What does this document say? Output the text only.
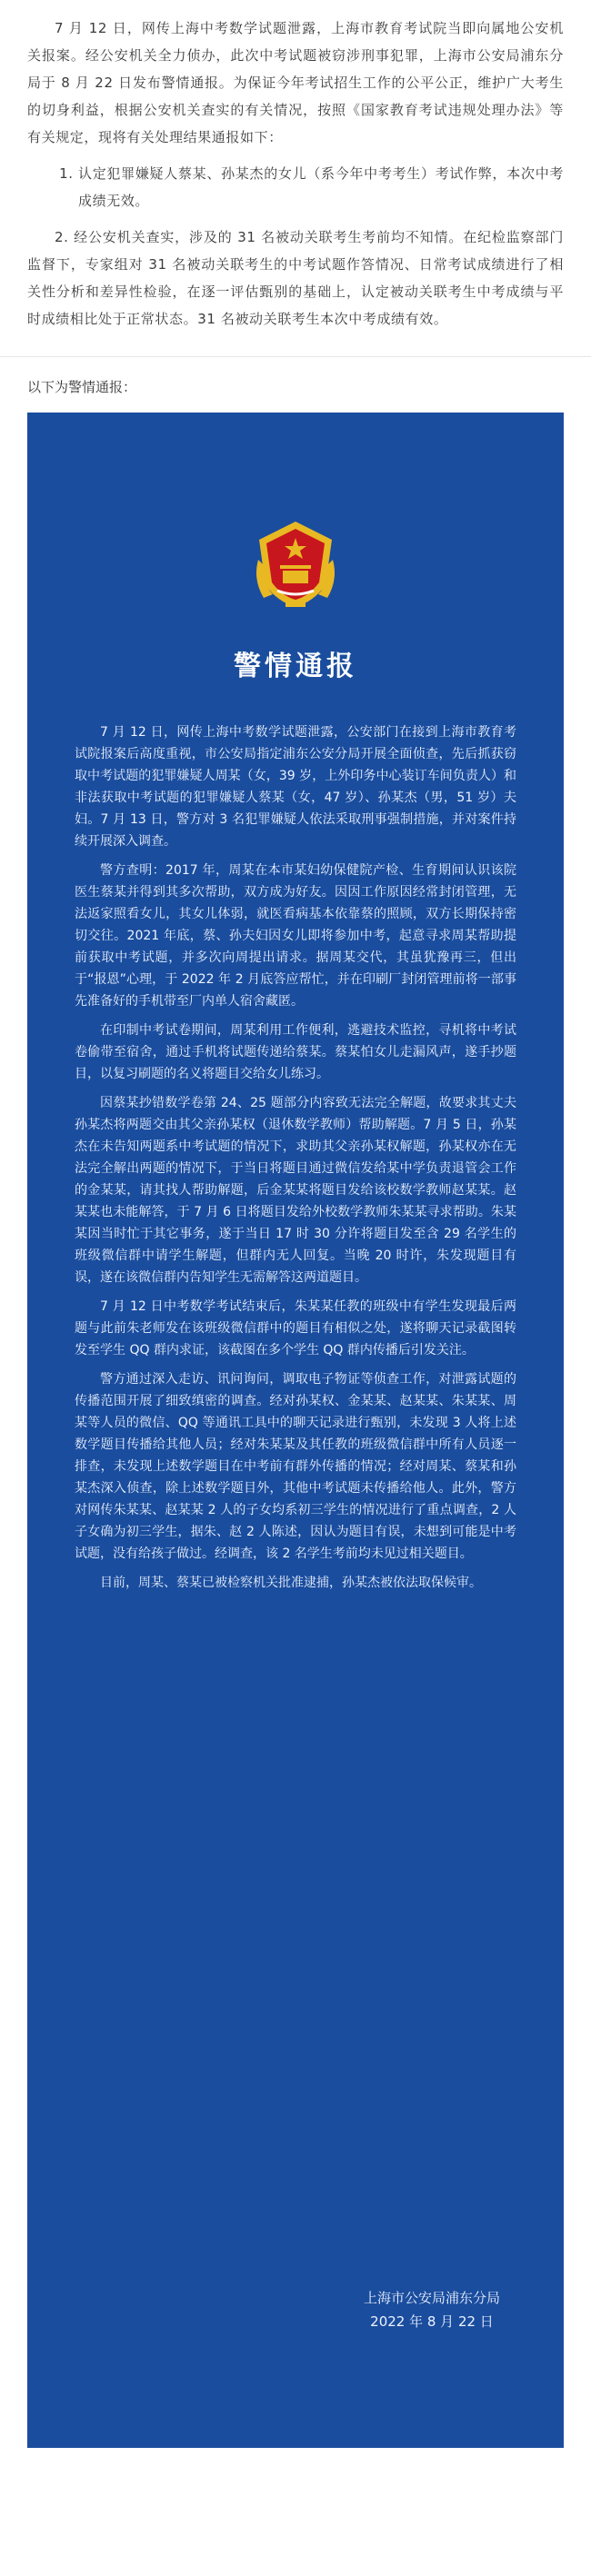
7 月 12 日，网传上海中考数学试题泄露，上海市教育考试院当即向属地公安机关报案。经公安机关全力侦办，此次中考试题被窃涉刑事犯罪，上海市公安局浦东分局于 8 月 22 日发布警情通报。为保证今年考试招生工作的公平公正，维护广大考生的切身利益，根据公安机关查实的有关情况，按照《国家教育考试违规处理办法》等有关规定，现将有关处理结果通报如下：

1. 认定犯罪嫌疑人蔡某、孙某杰的女儿（系今年中考考生）考试作弊，本次中考成绩无效。

2. 经公安机关查实，涉及的 31 名被动关联考生考前均不知情。在纪检监察部门监督下，专家组对 31 名被动关联考生的中考试题作答情况、日常考试成绩进行了相关性分析和差异性检验，在逐一评估甄别的基础上，认定被动关联考生中考成绩与平时成绩相比处于正常状态。31 名被动关联考生本次中考成绩有效。

以下为警情通报：
警情通报

7 月 12 日，网传上海中考数学试题泄露，公安部门在接到上海市教育考试院报案后高度重视，市公安局指定浦东公安分局开展全面侦查，先后抓获窃取中考试题的犯罪嫌疑人周某（女，39 岁，上外印务中心装订车间负责人）和非法获取中考试题的犯罪嫌疑人蔡某（女，47 岁）、孙某杰（男，51 岁）夫妇。7 月 13 日，警方对 3 名犯罪嫌疑人依法采取刑事强制措施，并对案件持续开展深入调查。

警方查明：2017 年，周某在本市某妇幼保健院产检、生育期间认识该院医生蔡某并得到其多次帮助，双方成为好友。因因工作原因经常封闭管理，无法返家照看女儿，其女儿体弱，就医看病基本依靠蔡的照顾，双方长期保持密切交往。2021 年底，蔡、孙夫妇因女儿即将参加中考，起意寻求周某帮助提前获取中考试题，并多次向周提出请求。据周某交代，其虽犹豫再三，但出于“报恩”心理，于 2022 年 2 月底答应帮忙，并在印刷厂封闭管理前将一部事先准备好的手机带至厂内单人宿舍藏匿。

在印制中考试卷期间，周某利用工作便利，逃避技术监控，寻机将中考试卷偷带至宿舍，通过手机将试题传递给蔡某。蔡某怕女儿走漏风声，遂手抄题目，以复习刷题的名义将题目交给女儿练习。

因蔡某抄错数学卷第 24、25 题部分内容致无法完全解题，故要求其丈夫孙某杰将两题交由其父亲孙某权（退休数学教师）帮助解题。7 月 5 日，孙某杰在未告知两题系中考试题的情况下，求助其父亲孙某权解题，孙某权亦在无法完全解出两题的情况下，于当日将题目通过微信发给某中学负责退管会工作的金某某，请其找人帮助解题，后金某某将题目发给该校数学教师赵某某。赵某某也未能解答，于 7 月 6 日将题目发给外校数学教师朱某某寻求帮助。朱某某因当时忙于其它事务，遂于当日 17 时 30 分许将题目发至含 29 名学生的班级微信群中请学生解题，但群内无人回复。当晚 20 时许，朱发现题目有误，遂在该微信群内告知学生无需解答这两道题目。

7 月 12 日中考数学考试结束后，朱某某任教的班级中有学生发现最后两题与此前朱老师发在该班级微信群中的题目有相似之处，遂将聊天记录截图转发至学生 QQ 群内求证，该截图在多个学生 QQ 群内传播后引发关注。

警方通过深入走访、讯问询问，调取电子物证等侦查工作，对泄露试题的传播范围开展了细致缜密的调查。经对孙某权、金某某、赵某某、朱某某、周某等人员的微信、QQ 等通讯工具中的聊天记录进行甄别，未发现 3 人将上述数学题目传播给其他人员；经对朱某某及其任教的班级微信群中所有人员逐一排查，未发现上述数学题目在中考前有群外传播的情况；经对周某、蔡某和孙某杰深入侦查，除上述数学题目外，其他中考试题未传播给他人。此外，警方对网传朱某某、赵某某 2 人的子女均系初三学生的情况进行了重点调查，2 人子女确为初三学生，据朱、赵 2 人陈述，因认为题目有误，未想到可能是中考试题，没有给孩子做过。经调查，该 2 名学生考前均未见过相关题目。

目前，周某、蔡某已被检察机关批准逮捕，孙某杰被依法取保候审。

上海市公安局浦东分局
2022 年 8 月 22 日
